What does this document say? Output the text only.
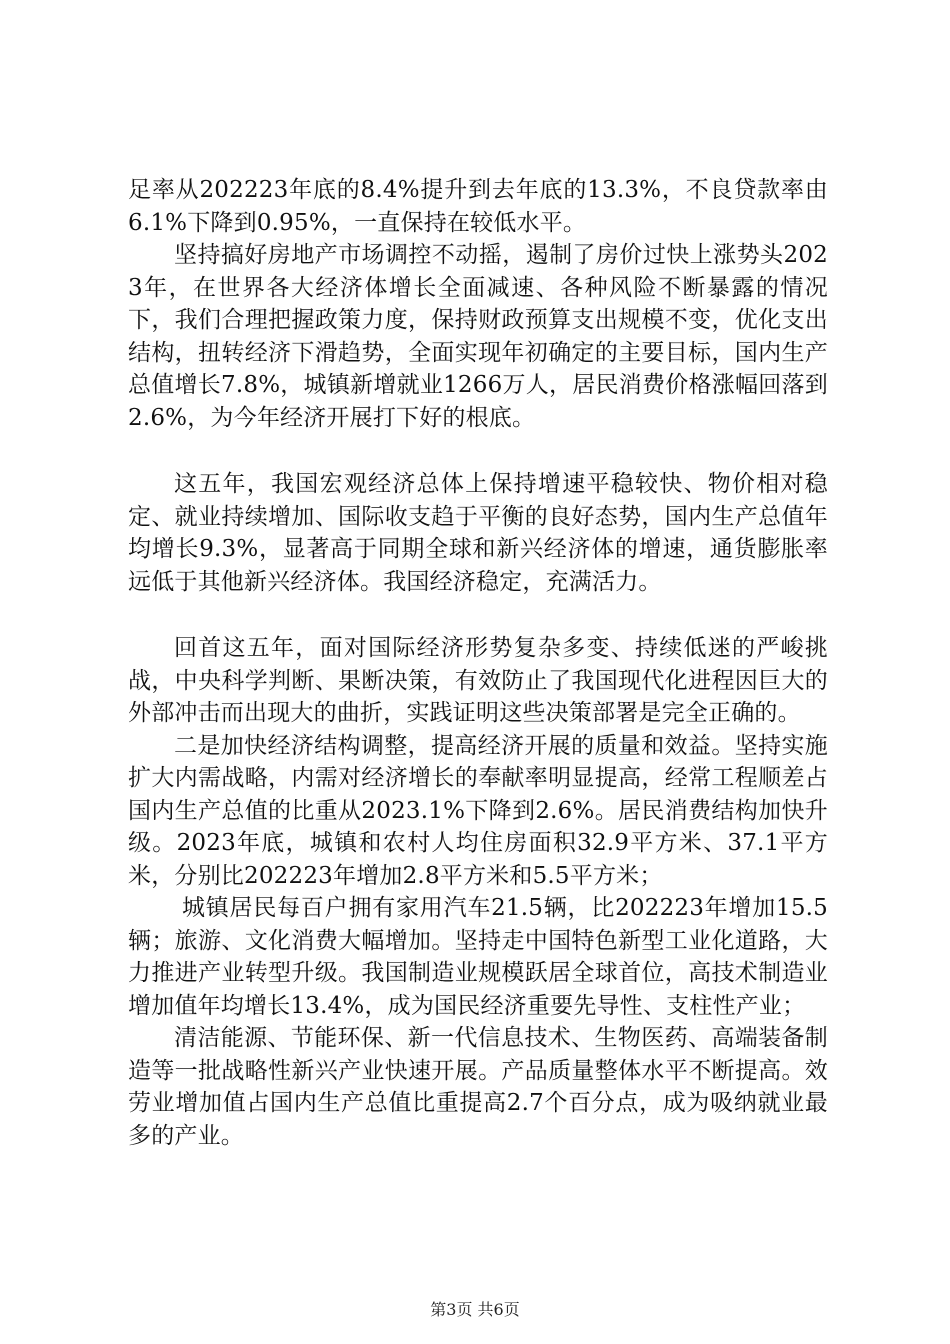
足率从202223年底的8.4%提升到去年底的13.3%，不良贷款率由6.1%下降到0.95%，一直保持在较低水平。

坚持搞好房地产市场调控不动摇，遏制了房价过快上涨势头2023年，在世界各大经济体增长全面减速、各种风险不断暴露的情况下，我们合理把握政策力度，保持财政预算支出规模不变，优化支出结构，扭转经济下滑趋势，全面实现年初确定的主要目标，国内生产总值增长7.8%，城镇新增就业1266万人，居民消费价格涨幅回落到2.6%，为今年经济开展打下好的根底。

这五年，我国宏观经济总体上保持增速平稳较快、物价相对稳定、就业持续增加、国际收支趋于平衡的良好态势，国内生产总值年均增长9.3%，显著高于同期全球和新兴经济体的增速，通货膨胀率远低于其他新兴经济体。我国经济稳定，充满活力。

回首这五年，面对国际经济形势复杂多变、持续低迷的严峻挑战，中央科学判断、果断决策，有效防止了我国现代化进程因巨大的外部冲击而出现大的曲折，实践证明这些决策部署是完全正确的。

二是加快经济结构调整，提高经济开展的质量和效益。坚持实施扩大内需战略，内需对经济增长的奉献率明显提高，经常工程顺差占国内生产总值的比重从2023.1%下降到2.6%。居民消费结构加快升级。2023年底，城镇和农村人均住房面积32.9平方米、37.1平方米，分别比202223年增加2.8平方米和5.5平方米；

城镇居民每百户拥有家用汽车21.5辆，比202223年增加15.5辆；旅游、文化消费大幅增加。坚持走中国特色新型工业化道路，大力推进产业转型升级。我国制造业规模跃居全球首位，高技术制造业增加值年均增长13.4%，成为国民经济重要先导性、支柱性产业；

清洁能源、节能环保、新一代信息技术、生物医药、高端装备制造等一批战略性新兴产业快速开展。产品质量整体水平不断提高。效劳业增加值占国内生产总值比重提高2.7个百分点，成为吸纳就业最多的产业。

第3页 共6页
